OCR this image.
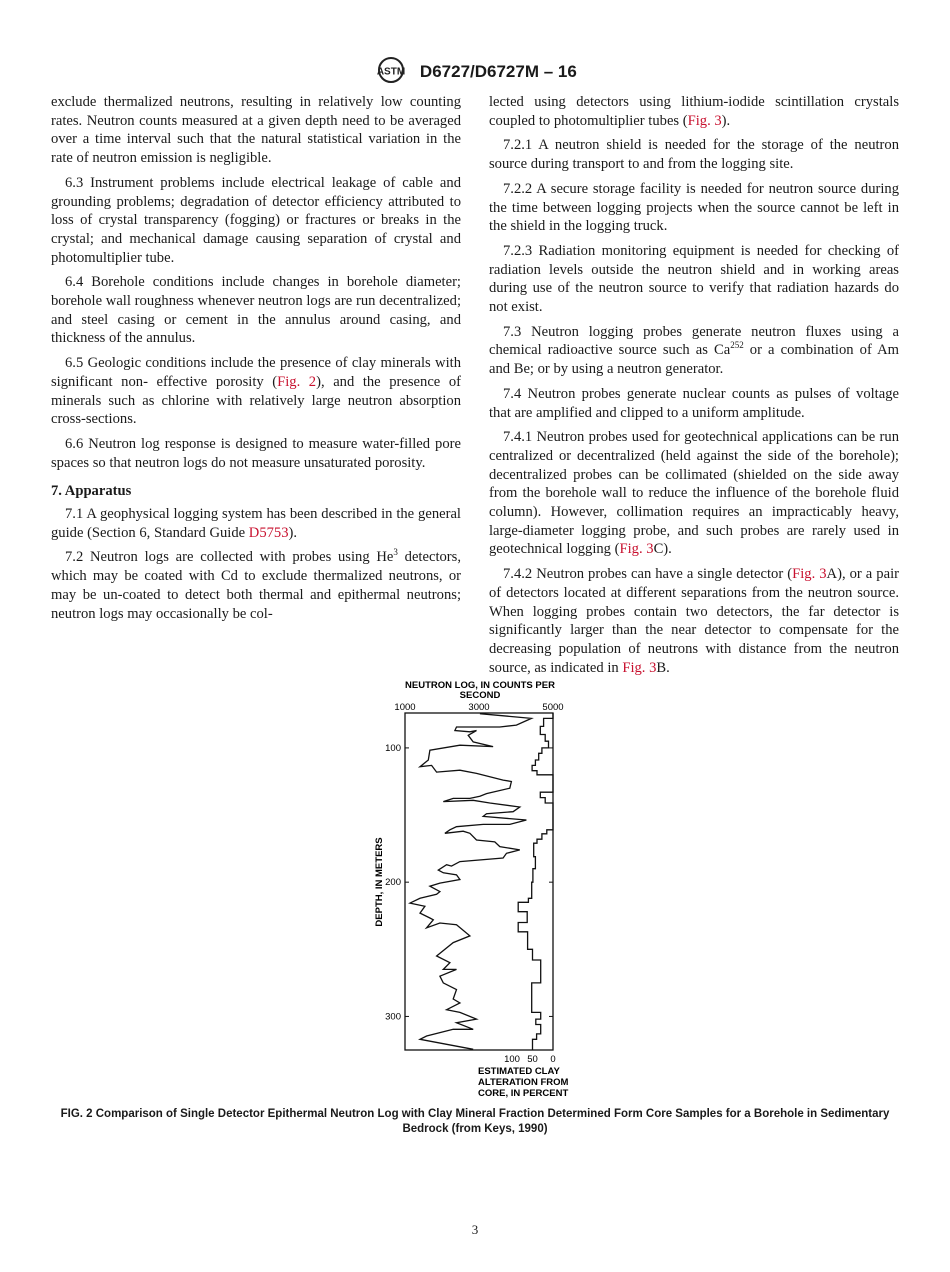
ASTM D6727/D6727M – 16

exclude thermalized neutrons, resulting in relatively low counting rates. Neutron counts measured at a given depth need to be averaged over a time interval such that the natural statistical variation in the rate of neutron emission is negligible.

6.3 Instrument problems include electrical leakage of cable and grounding problems; degradation of detector efficiency attributed to loss of crystal transparency (fogging) or fractures or breaks in the crystal; and mechanical damage causing separation of crystal and photomultiplier tube.

6.4 Borehole conditions include changes in borehole diameter; borehole wall roughness whenever neutron logs are run decentralized; and steel casing or cement in the annulus around casing, and thickness of the annulus.

6.5 Geologic conditions include the presence of clay minerals with significant non- effective porosity (Fig. 2), and the presence of minerals such as chlorine with relatively large neutron absorption cross-sections.

6.6 Neutron log response is designed to measure water-filled pore spaces so that neutron logs do not measure unsaturated porosity.

7. Apparatus

7.1 A geophysical logging system has been described in the general guide (Section 6, Standard Guide D5753).

7.2 Neutron logs are collected with probes using He$^3$ detectors, which may be coated with Cd to exclude thermalized neutrons, or may be un-coated to detect both thermal and epithermal neutrons; neutron logs may occasionally be col-

lected using detectors using lithium-iodide scintillation crystals coupled to photomultiplier tubes (Fig. 3).

7.2.1 A neutron shield is needed for the storage of the neutron source during transport to and from the logging site.

7.2.2 A secure storage facility is needed for neutron source during the time between logging projects when the source cannot be left in the shield in the logging truck.

7.2.3 Radiation monitoring equipment is needed for checking of radiation levels outside the neutron shield and in working areas during use of the neutron source to verify that radiation hazards do not exist.

7.3 Neutron logging probes generate neutron fluxes using a chemical radioactive source such as Ca$^{252}$ or a combination of Am and Be; or by using a neutron generator.

7.4 Neutron probes generate nuclear counts as pulses of voltage that are amplified and clipped to a uniform amplitude.

7.4.1 Neutron probes used for geotechnical applications can be run centralized or decentralized (held against the side of the borehole); decentralized probes can be collimated (shielded on the side away from the borehole wall to reduce the influence of the borehole fluid column). However, collimation requires an impracticably heavy, large-diameter logging probe, and such probes are rarely used in geotechnical logging (Fig. 3C).

7.4.2 Neutron probes can have a single detector (Fig. 3A), or a pair of detectors located at different separations from the neutron source. When logging probes contain two detectors, the far detector is significantly larger than the near detector to compensate for the decreasing population of neutrons with distance from the neutron source, as indicated in Fig. 3B.

NEUTRON LOG, IN COUNTS PER
SECOND
1000	3000	5000
100
200
300
100 50 0
DEPTH, IN METERS
ESTIMATED CLAY
ALTERATION FROM
CORE, IN PERCENT
FIG. 2 Comparison of Single Detector Epithermal Neutron Log with Clay Mineral Fraction Determined Form Core Samples for a Borehole in Sedimentary Bedrock (from Keys, 1990)
3
